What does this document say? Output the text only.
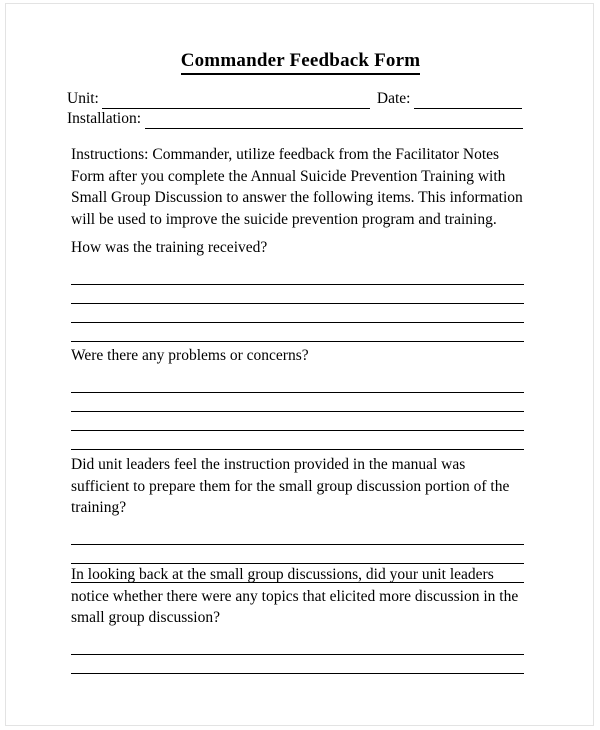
Commander Feedback Form
Unit:	Date:
Installation:
Instructions: Commander, utilize feedback from the Facilitator Notes Form after you complete the Annual Suicide Prevention Training with Small Group Discussion to answer the following items. This information will be used to improve the suicide prevention program and training.

How was the training received?

Were there any problems or concerns?

Did unit leaders feel the instruction provided in the manual was sufficient to prepare them for the small group discussion portion of the training?

In looking back at the small group discussions, did your unit leaders notice whether there were any topics that elicited more discussion in the small group discussion?
